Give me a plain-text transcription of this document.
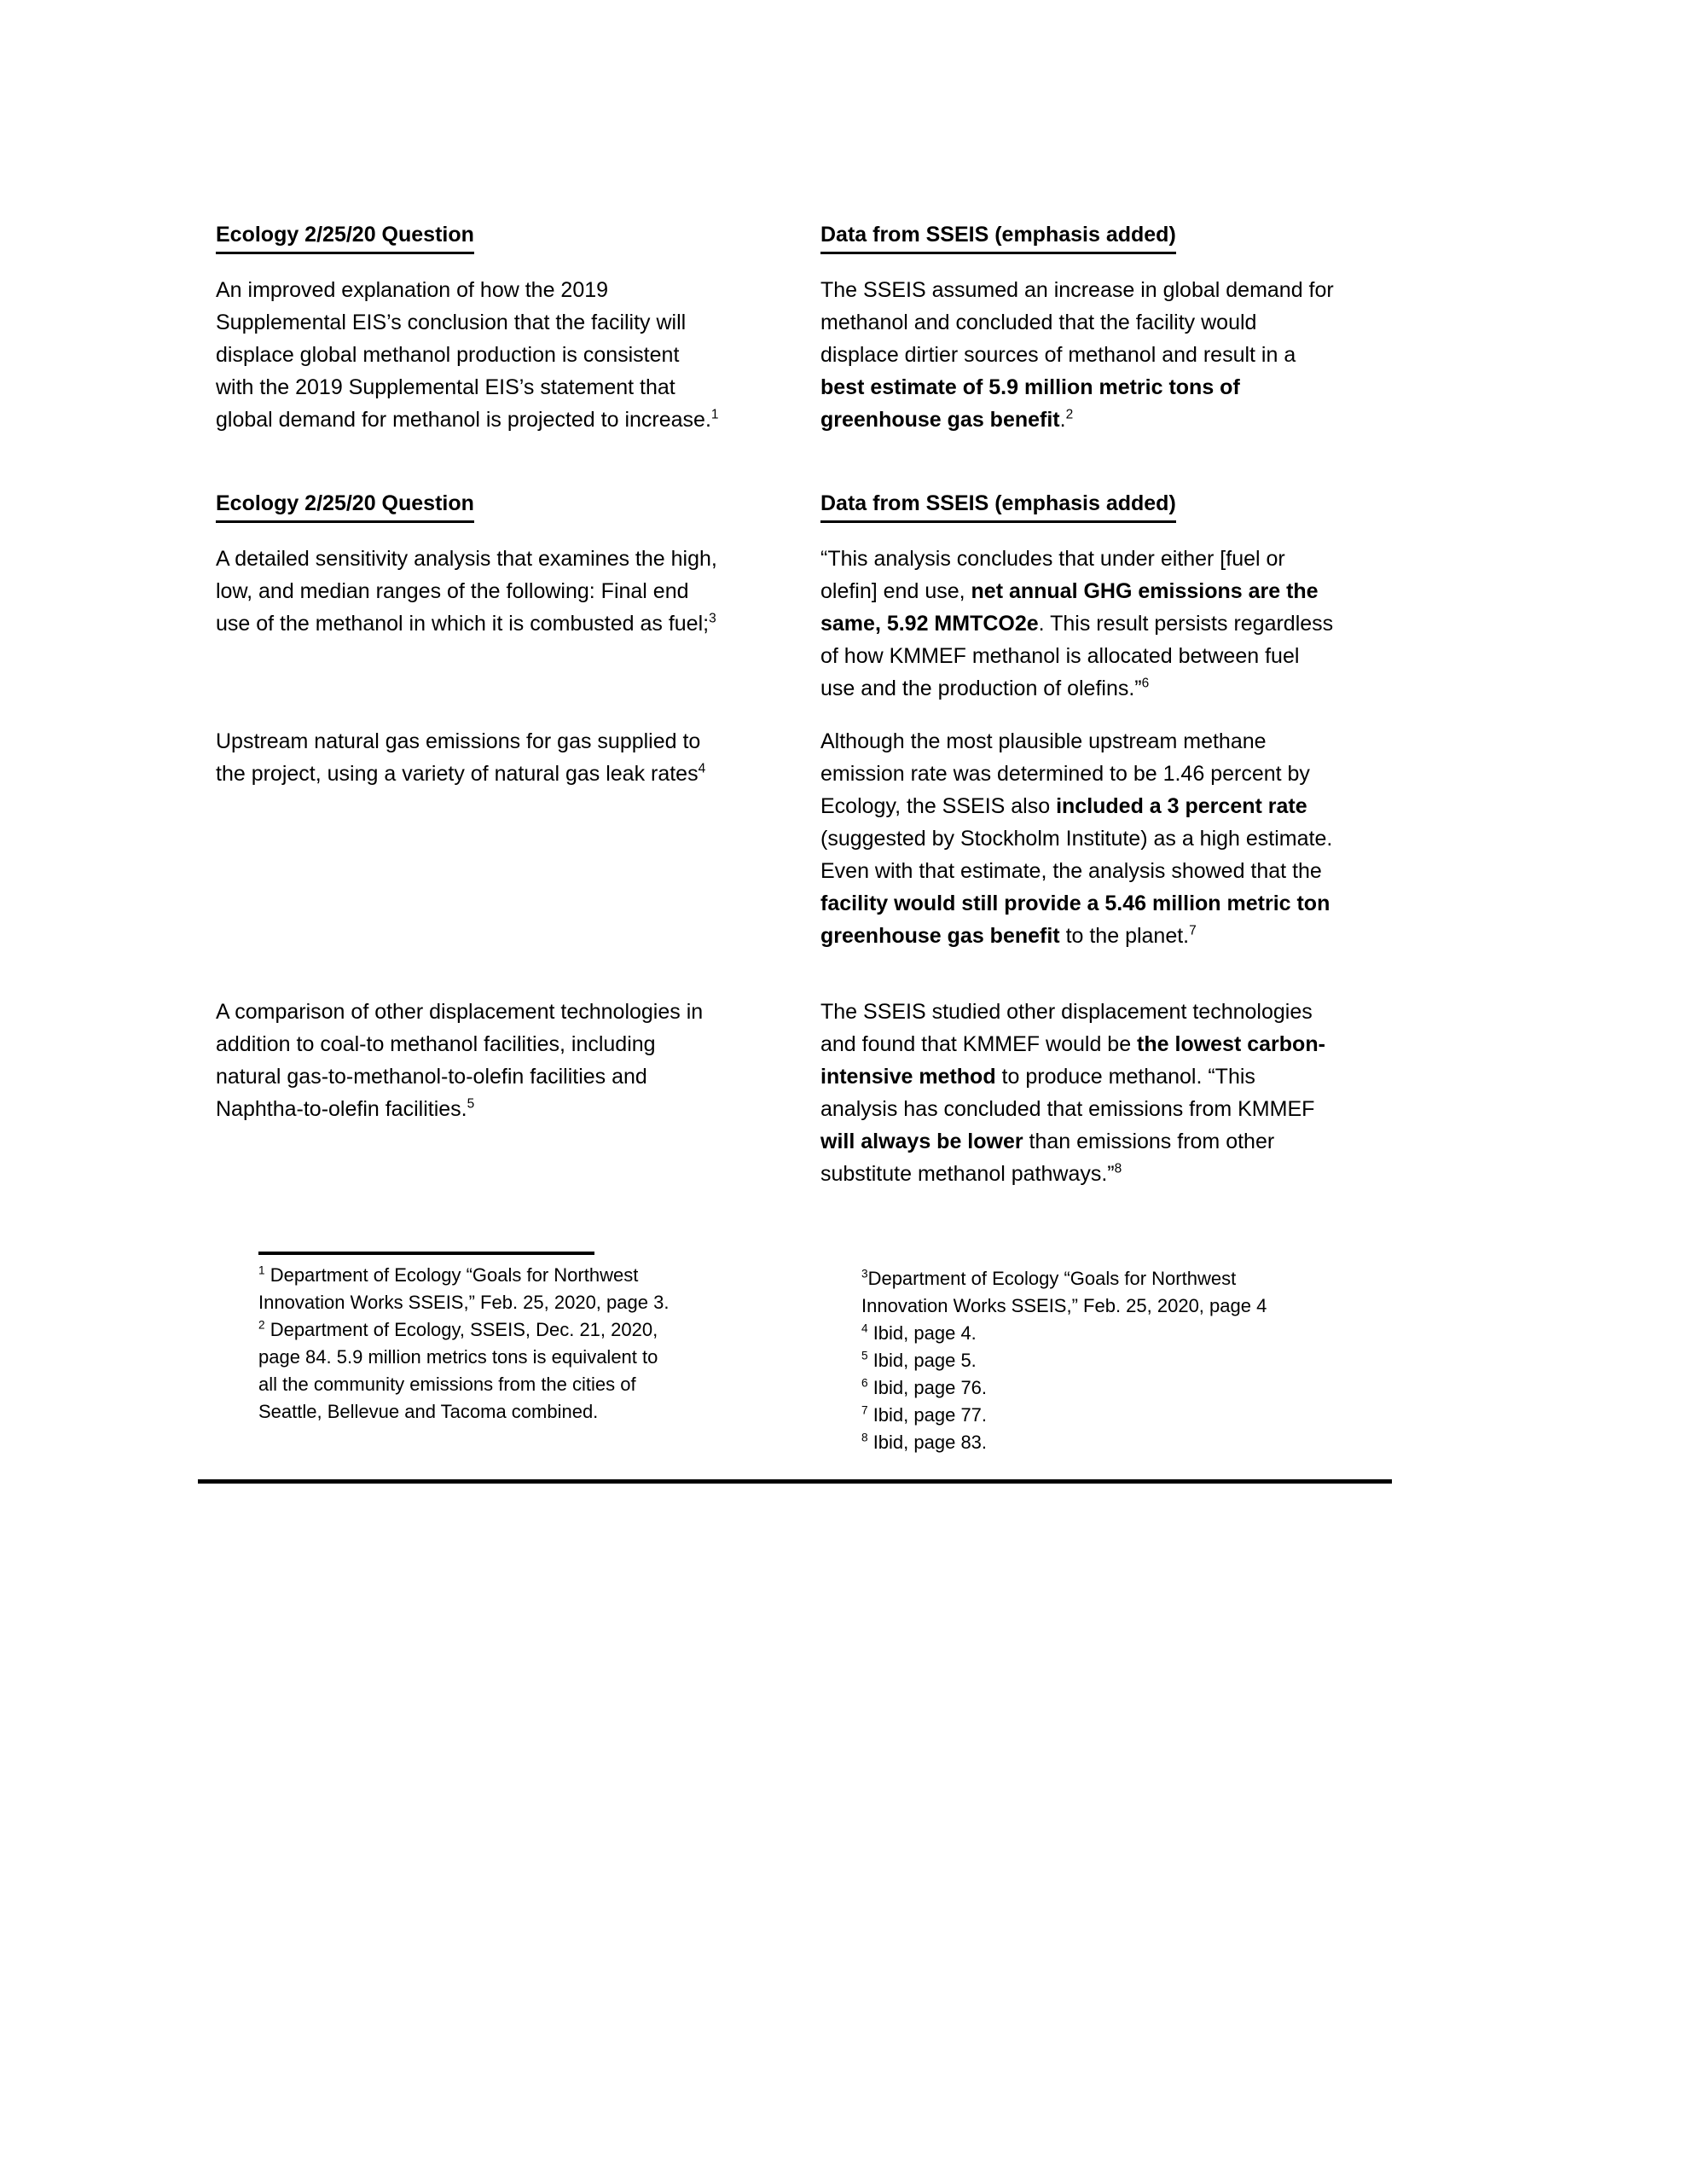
Ecology 2/25/20 Question	Data from SSEIS (emphasis added)
An improved explanation of how the 2019
Supplemental EIS’s conclusion that the facility will
displace global methanol production is consistent
with the 2019 Supplemental EIS’s statement that
global demand for methanol is projected to increase.$^1$
The SSEIS assumed an increase in global demand for
methanol and concluded that the facility would
displace dirtier sources of methanol and result in a
best estimate of 5.9 million metric tons of
greenhouse gas benefit.$^2$
Ecology 2/25/20 Question	Data from SSEIS (emphasis added)
A detailed sensitivity analysis that examines the high,
low, and median ranges of the following: Final end
use of the methanol in which it is combusted as fuel;$^3$
“This analysis concludes that under either [fuel or
olefin] end use, net annual GHG emissions are the
same, 5.92 MMTCO2e. This result persists regardless
of how KMMEF methanol is allocated between fuel
use and the production of olefins.”$^6$
Upstream natural gas emissions for gas supplied to
the project, using a variety of natural gas leak rates$^4$
Although the most plausible upstream methane
emission rate was determined to be 1.46 percent by
Ecology, the SSEIS also included a 3 percent rate
(suggested by Stockholm Institute) as a high estimate.
Even with that estimate, the analysis showed that the
facility would still provide a 5.46 million metric ton
greenhouse gas benefit to the planet.$^7$
A comparison of other displacement technologies in
addition to coal-to methanol facilities, including
natural gas-to-methanol-to-olefin facilities and
Naphtha-to-olefin facilities.$^5$
The SSEIS studied other displacement technologies
and found that KMMEF would be the lowest carbon-
intensive method to produce methanol. “This
analysis has concluded that emissions from KMMEF
will always be lower than emissions from other
substitute methanol pathways.”$^8$
$^1$ Department of Ecology “Goals for Northwest
Innovation Works SSEIS,” Feb. 25, 2020, page 3.
$^2$ Department of Ecology, SSEIS, Dec. 21, 2020,
page 84. 5.9 million metrics tons is equivalent to
all the community emissions from the cities of
Seattle, Bellevue and Tacoma combined.
$^3$Department of Ecology “Goals for Northwest
Innovation Works SSEIS,” Feb. 25, 2020, page 4
$^4$ Ibid, page 4.
$^5$ Ibid, page 5.
$^6$ Ibid, page 76.
$^7$ Ibid, page 77.
$^8$ Ibid, page 83.
